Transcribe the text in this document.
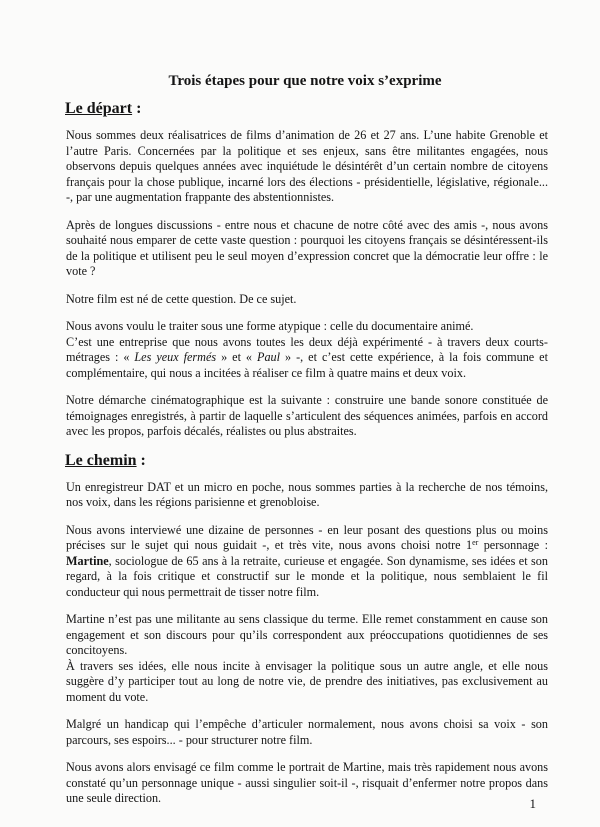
Trois étapes pour que notre voix s’exprime
Le départ :

Nous sommes deux réalisatrices de films d’animation de 26 et 27 ans. L’une habite Grenoble et l’autre Paris. Concernées par la politique et ses enjeux, sans être militantes engagées, nous observons depuis quelques années avec inquiétude le désintérêt d’un certain nombre de citoyens français pour la chose publique, incarné lors des élections - présidentielle, législative, régionale... -, par une augmentation frappante des abstentionnistes.

Après de longues discussions - entre nous et chacune de notre côté avec des amis -, nous avons souhaité nous emparer de cette vaste question : pourquoi les citoyens français se désintéressent-ils de la politique et utilisent peu le seul moyen d’expression concret que la démocratie leur offre : le vote ?

Notre film est né de cette question. De ce sujet.

Nous avons voulu le traiter sous une forme atypique : celle du documentaire animé.
C’est une entreprise que nous avons toutes les deux déjà expérimenté - à travers deux courts-métrages : « Les yeux fermés » et « Paul » -, et c’est cette expérience, à la fois commune et complémentaire, qui nous a incitées à réaliser ce film à quatre mains et deux voix.

Notre démarche cinématographique est la suivante : construire une bande sonore constituée de témoignages enregistrés, à partir de laquelle s’articulent des séquences animées, parfois en accord avec les propos, parfois décalés, réalistes ou plus abstraites.

Le chemin :

Un enregistreur DAT et un micro en poche, nous sommes parties à la recherche de nos témoins, nos voix, dans les régions parisienne et grenobloise.

Nous avons interviewé une dizaine de personnes - en leur posant des questions plus ou moins précises sur le sujet qui nous guidait -, et très vite, nous avons choisi notre 1er personnage : Martine, sociologue de 65 ans à la retraite, curieuse et engagée. Son dynamisme, ses idées et son regard, à la fois critique et constructif sur le monde et la politique, nous semblaient le fil conducteur qui nous permettrait de tisser notre film.

Martine n’est pas une militante au sens classique du terme. Elle remet constamment en cause son engagement et son discours pour qu’ils correspondent aux préoccupations quotidiennes de ses concitoyens.
À travers ses idées, elle nous incite à envisager la politique sous un autre angle, et elle nous suggère d’y participer tout au long de notre vie, de prendre des initiatives, pas exclusivement au moment du vote.

Malgré un handicap qui l’empêche d’articuler normalement, nous avons choisi sa voix - son parcours, ses espoirs... - pour structurer notre film.

Nous avons alors envisagé ce film comme le portrait de Martine, mais très rapidement nous avons constaté qu’un personnage unique - aussi singulier soit-il -, risquait d’enfermer notre propos dans une seule direction.	1
